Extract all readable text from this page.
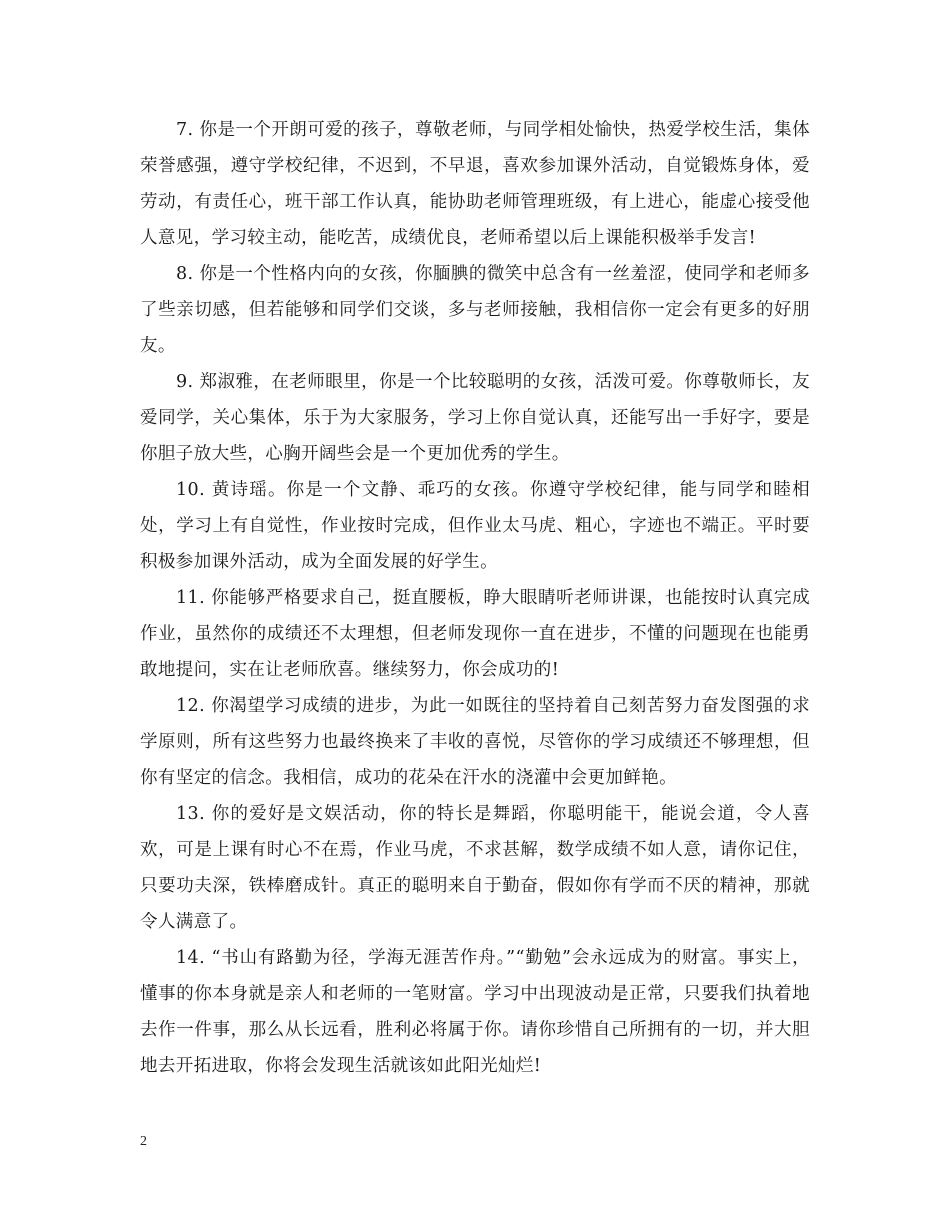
7. 你是一个开朗可爱的孩子，尊敬老师，与同学相处愉快，热爱学校生活，集体荣誉感强，遵守学校纪律，不迟到，不早退，喜欢参加课外活动，自觉锻炼身体，爱劳动，有责任心，班干部工作认真，能协助老师管理班级，有上进心，能虚心接受他人意见，学习较主动，能吃苦，成绩优良，老师希望以后上课能积极举手发言!

8. 你是一个性格内向的女孩，你腼腆的微笑中总含有一丝羞涩，使同学和老师多了些亲切感，但若能够和同学们交谈，多与老师接触，我相信你一定会有更多的好朋友。

9. 郑淑雅，在老师眼里，你是一个比较聪明的女孩，活泼可爱。你尊敬师长，友爱同学，关心集体，乐于为大家服务，学习上你自觉认真，还能写出一手好字，要是你胆子放大些，心胸开阔些会是一个更加优秀的学生。

10. 黄诗瑶。你是一个文静、乖巧的女孩。你遵守学校纪律，能与同学和睦相处，学习上有自觉性，作业按时完成，但作业太马虎、粗心，字迹也不端正。平时要积极参加课外活动，成为全面发展的好学生。

11. 你能够严格要求自己，挺直腰板，睁大眼睛听老师讲课，也能按时认真完成作业，虽然你的成绩还不太理想，但老师发现你一直在进步，不懂的问题现在也能勇敢地提问，实在让老师欣喜。继续努力，你会成功的!

12. 你渴望学习成绩的进步，为此一如既往的坚持着自己刻苦努力奋发图强的求学原则，所有这些努力也最终换来了丰收的喜悦，尽管你的学习成绩还不够理想，但你有坚定的信念。我相信，成功的花朵在汗水的浇灌中会更加鲜艳。

13. 你的爱好是文娱活动，你的特长是舞蹈，你聪明能干，能说会道，令人喜欢，可是上课有时心不在焉，作业马虎，不求甚解，数学成绩不如人意，请你记住，只要功夫深，铁棒磨成针。真正的聪明来自于勤奋，假如你有学而不厌的精神，那就令人满意了。

14. “书山有路勤为径，学海无涯苦作舟。”“勤勉”会永远成为的财富。事实上，懂事的你本身就是亲人和老师的一笔财富。学习中出现波动是正常，只要我们执着地去作一件事，那么从长远看，胜利必将属于你。请你珍惜自己所拥有的一切，并大胆地去开拓进取，你将会发现生活就该如此阳光灿烂!

2
